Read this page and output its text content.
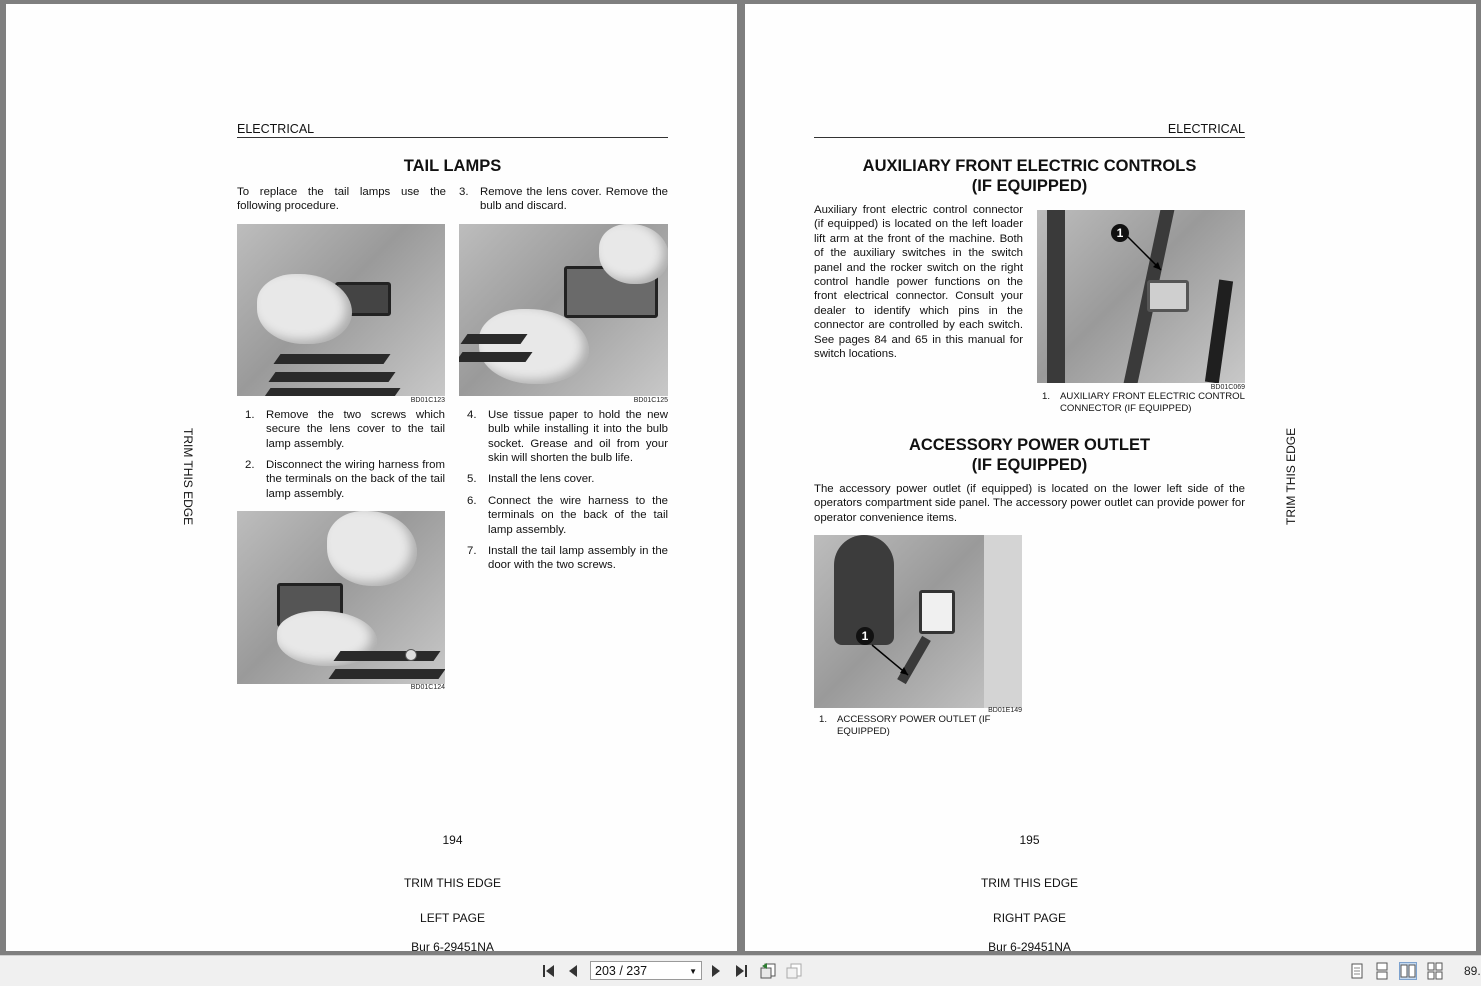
ELECTRICAL
TAIL LAMPS
To replace the tail lamps use the following procedure.
3. Remove the lens cover. Remove the bulb and discard.
BD01C123	BD01C125
1. Remove the two screws which secure the lens cover to the tail lamp assembly.
2. Disconnect the wiring harness from the terminals on the back of the tail lamp assembly.
4. Use tissue paper to hold the new bulb while installing it into the bulb socket. Grease and oil from your skin will shorten the bulb life.
5. Install the lens cover.
6. Connect the wire harness to the terminals on the back of the tail lamp assembly.
7. Install the tail lamp assembly in the door with the two screws.
BD01C124
TRIM THIS EDGE
194
TRIM THIS EDGE
LEFT PAGE
Bur 6-29451NA
ELECTRICAL
AUXILIARY FRONT ELECTRIC CONTROLS
(IF EQUIPPED)
Auxiliary front electric control connector (if equipped) is located on the left loader lift arm at the front of the machine. Both of the auxiliary switches in the switch panel and the rocker switch on the right control handle power functions on the front electrical connector. Consult your dealer to identify which pins in the connector are controlled by each switch. See pages 84 and 65 in this manual for switch locations.
1
BD01C069
1. AUXILIARY FRONT ELECTRIC CONTROL CONNECTOR (IF EQUIPPED)
ACCESSORY POWER OUTLET
(IF EQUIPPED)
The accessory power outlet (if equipped) is located on the lower left side of the operators compartment side panel. The accessory power outlet can provide power for operator convenience items.
1
BD01E149
1. ACCESSORY POWER OUTLET (IF EQUIPPED)
TRIM THIS EDGE
195
TRIM THIS EDGE
RIGHT PAGE
Bur 6-29451NA
203 / 237	▼	89.
